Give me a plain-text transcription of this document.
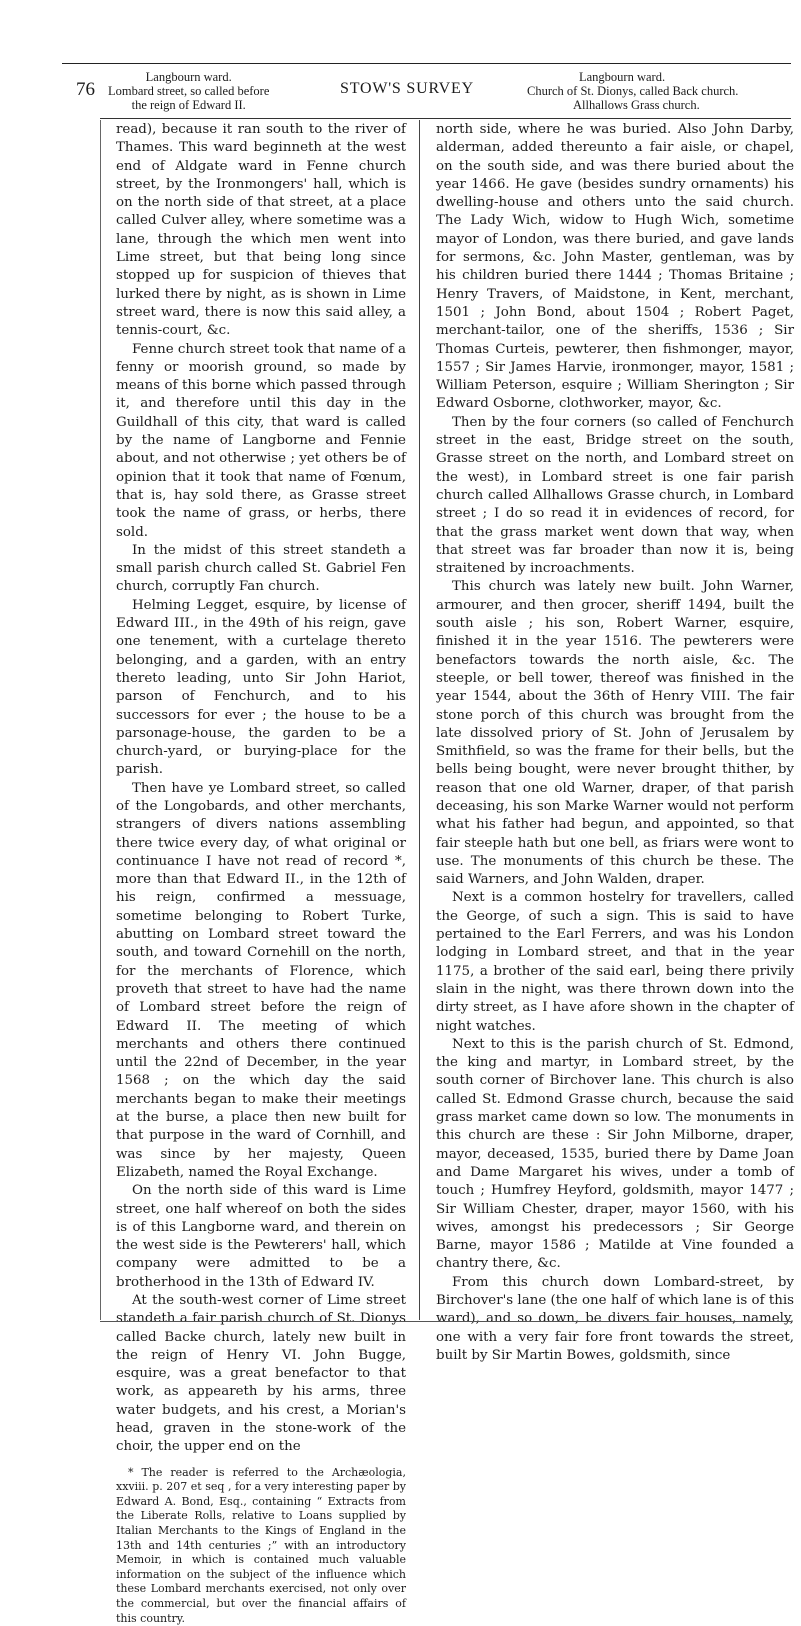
76
Langbourn ward.
Lombard street, so called before
the reign of Edward II.
STOW'S SURVEY
Langbourn ward.
Church of St. Dionys, called Back church.
Allhallows Grass church.

read), because it ran south to the river of Thames. This ward beginneth at the west end of Aldgate ward in Fenne church street, by the Ironmongers' hall, which is on the north side of that street, at a place called Culver alley, where sometime was a lane, through the which men went into Lime street, but that being long since stopped up for suspicion of thieves that lurked there by night, as is shown in Lime street ward, there is now this said alley, a tennis-court, &c.

Fenne church street took that name of a fenny or moorish ground, so made by means of this borne which passed through it, and therefore until this day in the Guildhall of this city, that ward is called by the name of Langborne and Fennie about, and not otherwise ; yet others be of opinion that it took that name of Fœnum, that is, hay sold there, as Grasse street took the name of grass, or herbs, there sold.

In the midst of this street standeth a small parish church called St. Gabriel Fen church, corruptly Fan church.

Helming Legget, esquire, by license of Edward III., in the 49th of his reign, gave one tenement, with a curtelage thereto belonging, and a garden, with an entry thereto leading, unto Sir John Hariot, parson of Fenchurch, and to his successors for ever ; the house to be a parsonage-house, the garden to be a church-yard, or burying-place for the parish.

Then have ye Lombard street, so called of the Longobards, and other merchants, strangers of divers nations assembling there twice every day, of what original or continuance I have not read of record *, more than that Edward II., in the 12th of his reign, confirmed a messuage, sometime belonging to Robert Turke, abutting on Lombard street toward the south, and toward Cornehill on the north, for the merchants of Florence, which proveth that street to have had the name of Lombard street before the reign of Edward II. The meeting of which merchants and others there continued until the 22nd of December, in the year 1568 ; on the which day the said merchants began to make their meetings at the burse, a place then new built for that purpose in the ward of Cornhill, and was since by her majesty, Queen Elizabeth, named the Royal Exchange.

On the north side of this ward is Lime street, one half whereof on both the sides is of this Langborne ward, and therein on the west side is the Pewterers' hall, which company were admitted to be a brotherhood in the 13th of Edward IV.

At the south-west corner of Lime street standeth a fair parish church of St. Dionys called Backe church, lately new built in the reign of Henry VI. John Bugge, esquire, was a great benefactor to that work, as appeareth by his arms, three water budgets, and his crest, a Morian's head, graven in the stone-work of the choir, the upper end on the

* The reader is referred to the Archæologia, xxviii. p. 207 et seq , for a very interesting paper by Edward A. Bond, Esq., containing “ Extracts from the Liberate Rolls, relative to Loans supplied by Italian Merchants to the Kings of England in the 13th and 14th centuries ;” with an introductory Memoir, in which is contained much valuable information on the subject of the influence which these Lombard merchants exercised, not only over the commercial, but over the financial affairs of this country.

north side, where he was buried. Also John Darby, alderman, added thereunto a fair aisle, or chapel, on the south side, and was there buried about the year 1466. He gave (besides sundry ornaments) his dwelling-house and others unto the said church. The Lady Wich, widow to Hugh Wich, sometime mayor of London, was there buried, and gave lands for sermons, &c. John Master, gentleman, was by his children buried there 1444 ; Thomas Britaine ; Henry Travers, of Maidstone, in Kent, merchant, 1501 ; John Bond, about 1504 ; Robert Paget, merchant-tailor, one of the sheriffs, 1536 ; Sir Thomas Curteis, pewterer, then fishmonger, mayor, 1557 ; Sir James Harvie, ironmonger, mayor, 1581 ; William Peterson, esquire ; William Sherington ; Sir Edward Osborne, clothworker, mayor, &c.

Then by the four corners (so called of Fenchurch street in the east, Bridge street on the south, Grasse street on the north, and Lombard street on the west), in Lombard street is one fair parish church called Allhallows Grasse church, in Lombard street ; I do so read it in evidences of record, for that the grass market went down that way, when that street was far broader than now it is, being straitened by incroachments.

This church was lately new built. John Warner, armourer, and then grocer, sheriff 1494, built the south aisle ; his son, Robert Warner, esquire, finished it in the year 1516. The pewterers were benefactors towards the north aisle, &c. The steeple, or bell tower, thereof was finished in the year 1544, about the 36th of Henry VIII. The fair stone porch of this church was brought from the late dissolved priory of St. John of Jerusalem by Smithfield, so was the frame for their bells, but the bells being bought, were never brought thither, by reason that one old Warner, draper, of that parish deceasing, his son Marke Warner would not perform what his father had begun, and appointed, so that fair steeple hath but one bell, as friars were wont to use. The monuments of this church be these. The said Warners, and John Walden, draper.

Next is a common hostelry for travellers, called the George, of such a sign. This is said to have pertained to the Earl Ferrers, and was his London lodging in Lombard street, and that in the year 1175, a brother of the said earl, being there privily slain in the night, was there thrown down into the dirty street, as I have afore shown in the chapter of night watches.

Next to this is the parish church of St. Edmond, the king and martyr, in Lombard street, by the south corner of Birchover lane. This church is also called St. Edmond Grasse church, because the said grass market came down so low. The monuments in this church are these : Sir John Milborne, draper, mayor, deceased, 1535, buried there by Dame Joan and Dame Margaret his wives, under a tomb of touch ; Humfrey Heyford, goldsmith, mayor 1477 ; Sir William Chester, draper, mayor 1560, with his wives, amongst his predecessors ; Sir George Barne, mayor 1586 ; Matilde at Vine founded a chantry there, &c.

From this church down Lombard-street, by Birchover's lane (the one half of which lane is of this ward), and so down, be divers fair houses, namely, one with a very fair fore front towards the street, built by Sir Martin Bowes, goldsmith, since
